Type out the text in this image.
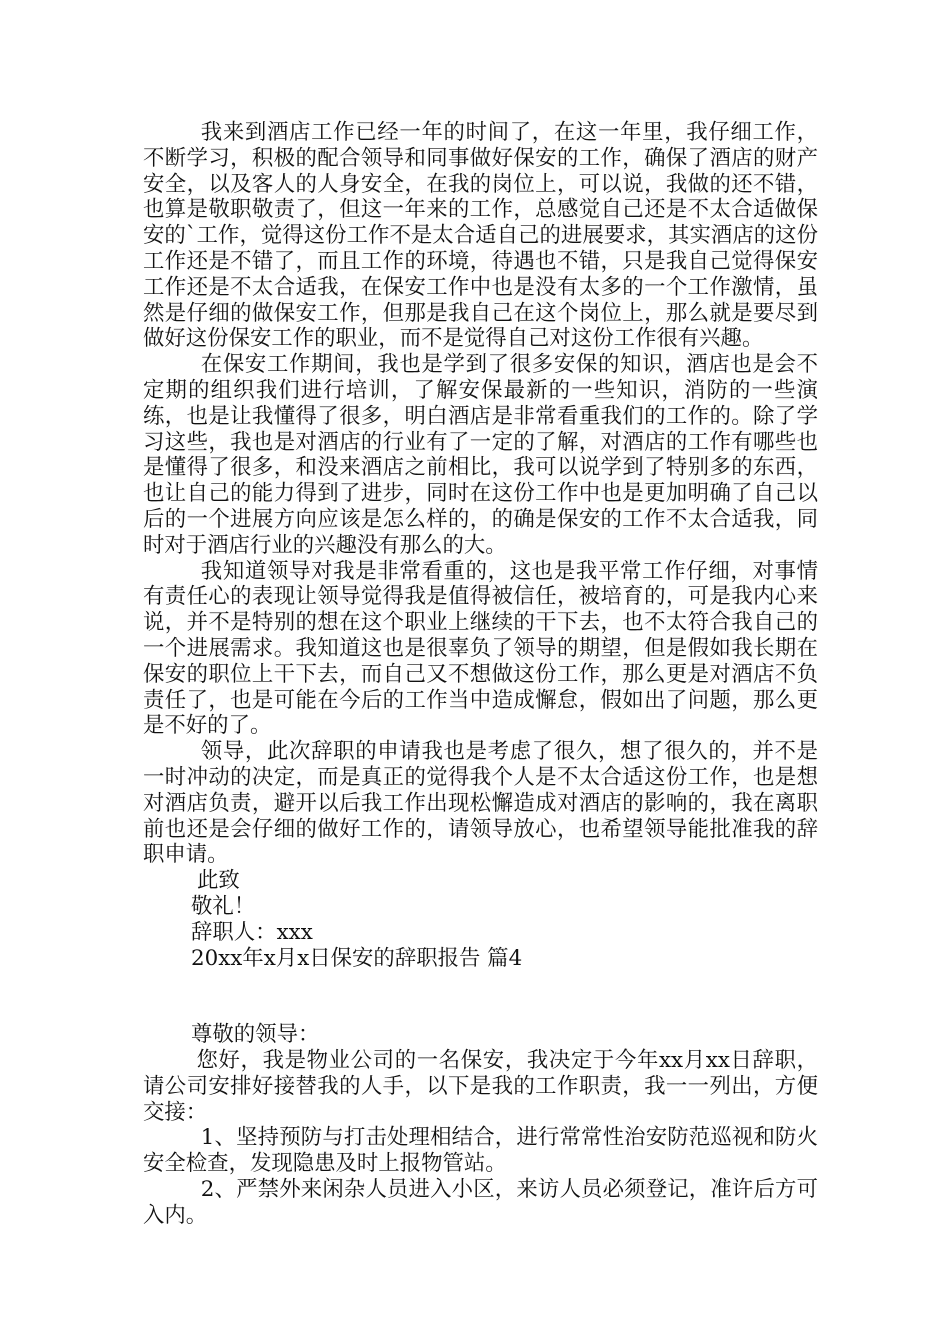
我来到酒店工作已经一年的时间了，在这一年里，我仔细工作，不断学习，积极的配合领导和同事做好保安的工作，确保了酒店的财产安全，以及客人的人身安全，在我的岗位上，可以说，我做的还不错，也算是敬职敬责了，但这一年来的工作，总感觉自己还是不太合适做保安的`工作，觉得这份工作不是太合适自己的进展要求，其实酒店的这份工作还是不错了，而且工作的环境，待遇也不错，只是我自己觉得保安工作还是不太合适我，在保安工作中也是没有太多的一个工作激情，虽然是仔细的做保安工作，但那是我自己在这个岗位上，那么就是要尽到做好这份保安工作的职业，而不是觉得自己对这份工作很有兴趣。

在保安工作期间，我也是学到了很多安保的知识，酒店也是会不定期的组织我们进行培训，了解安保最新的一些知识，消防的一些演练，也是让我懂得了很多，明白酒店是非常看重我们的工作的。除了学习这些，我也是对酒店的行业有了一定的了解，对酒店的工作有哪些也是懂得了很多，和没来酒店之前相比，我可以说学到了特别多的东西，也让自己的能力得到了进步，同时在这份工作中也是更加明确了自己以后的一个进展方向应该是怎么样的，的确是保安的工作不太合适我，同时对于酒店行业的兴趣没有那么的大。

我知道领导对我是非常看重的，这也是我平常工作仔细，对事情有责任心的表现让领导觉得我是值得被信任，被培育的，可是我内心来说，并不是特别的想在这个职业上继续的干下去，也不太符合我自己的一个进展需求。我知道这也是很辜负了领导的期望，但是假如我长期在保安的职位上干下去，而自己又不想做这份工作，那么更是对酒店不负责任了，也是可能在今后的工作当中造成懈怠，假如出了问题，那么更是不好的了。

领导，此次辞职的申请我也是考虑了很久，想了很久的，并不是一时冲动的决定，而是真正的觉得我个人是不太合适这份工作，也是想对酒店负责，避开以后我工作出现松懈造成对酒店的影响的，我在离职前也还是会仔细的做好工作的，请领导放心，也希望领导能批准我的辞职申请。

此致

敬礼！

辞职人：xxx

20xx年x月x日保安的辞职报告 篇4

尊敬的领导：

您好，我是物业公司的一名保安，我决定于今年xx月xx日辞职，请公司安排好接替我的人手，以下是我的工作职责，我一一列出，方便交接：

1、坚持预防与打击处理相结合，进行常常性治安防范巡视和防火安全检查，发现隐患及时上报物管站。

2、严禁外来闲杂人员进入小区，来访人员必须登记，准许后方可入内。
